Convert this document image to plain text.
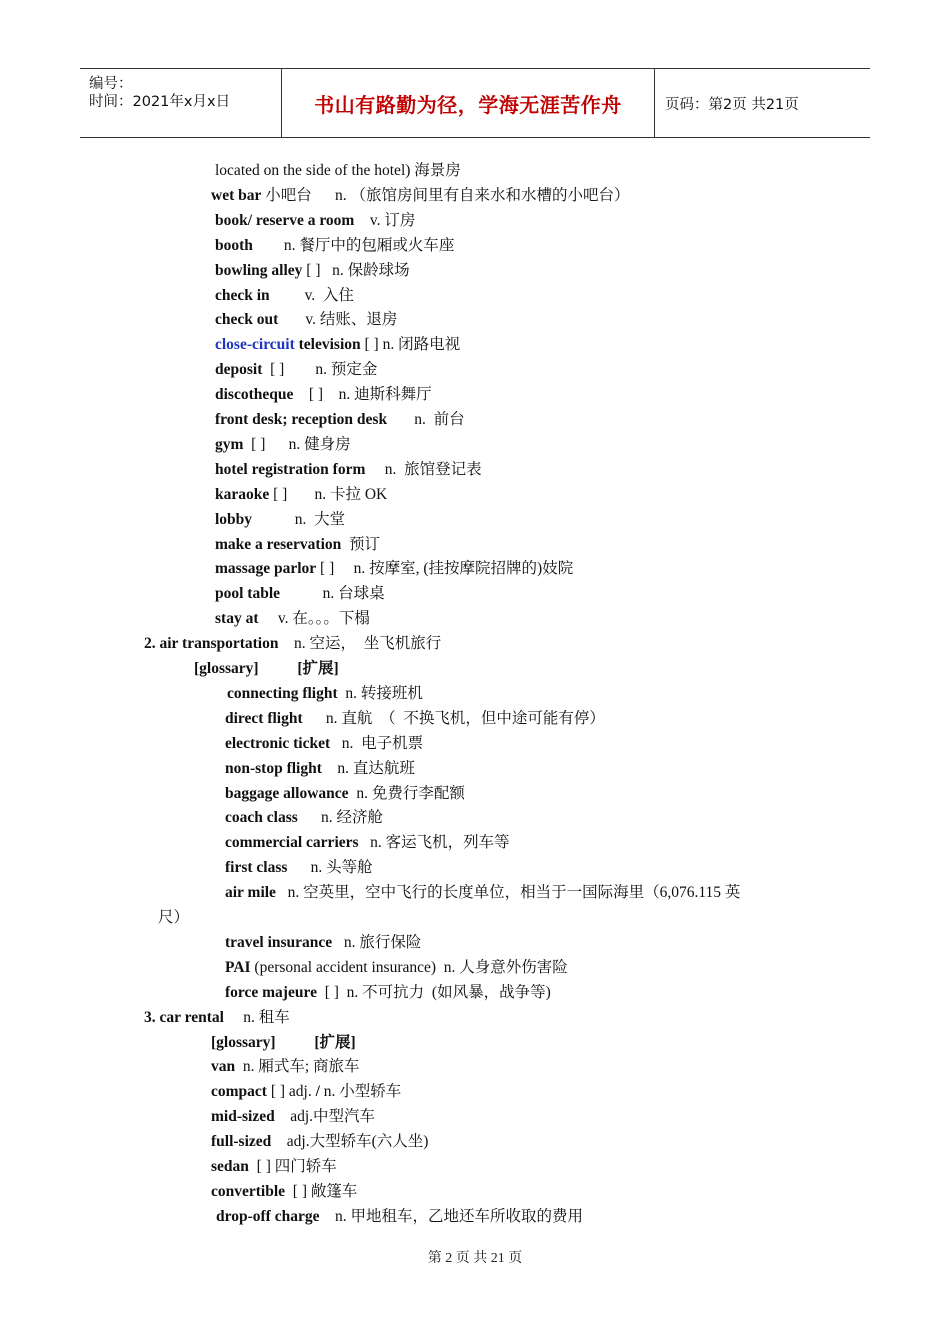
编号：
时间：2021年x月x日	书山有路勤为径，学海无涯苦作舟	页码：第2页 共21页
located on the side of the hotel) 海景房
wet bar 小吧台      n. （旅馆房间里有自来水和水槽的小吧台）
book/ reserve a room    v. 订房
booth        n. 餐厅中的包厢或火车座
bowling alley [ ]   n. 保龄球场
check in         v.  入住
check out       v. 结账、退房
close-circuit television [ ] n. 闭路电视
deposit  [ ]        n. 预定金
discotheque    [ ]    n. 迪斯科舞厅
front desk; reception desk       n.  前台
gym  [ ]      n. 健身房
hotel registration form     n.  旅馆登记表
karaoke [ ]       n. 卡拉 OK
lobby           n.  大堂
make a reservation  预订
massage parlor [ ]     n. 按摩室, (挂按摩院招牌的)妓院
pool table           n. 台球桌
stay at     v. 在。。。下榻
2. air transportation    n. 空运，  坐飞机旅行
[glossary]          [扩展]
connecting flight  n. 转接班机
direct flight      n. 直航  （  不换飞机，但中途可能有停）
electronic ticket   n.  电子机票
non-stop flight    n. 直达航班
baggage allowance  n. 免费行李配额
coach class      n. 经济舱
commercial carriers   n. 客运飞机，列车等
first class      n. 头等舱
air mile   n. 空英里，空中飞行的长度单位，相当于一国际海里（6,076.115 英
尺）
travel insurance   n. 旅行保险
PAI (personal accident insurance)  n. 人身意外伤害险
force majeure  [ ]  n. 不可抗力  (如风暴，战争等)
3. car rental     n. 租车
[glossary]          [扩展]
van  n. 厢式车; 商旅车
compact [ ] adj. / n. 小型轿车
mid-sized    adj.中型汽车
full-sized    adj.大型轿车(六人坐)
sedan  [ ] 四门轿车
convertible  [ ] 敞篷车
drop-off charge    n. 甲地租车，乙地还车所收取的费用
第 2 页 共 21 页
